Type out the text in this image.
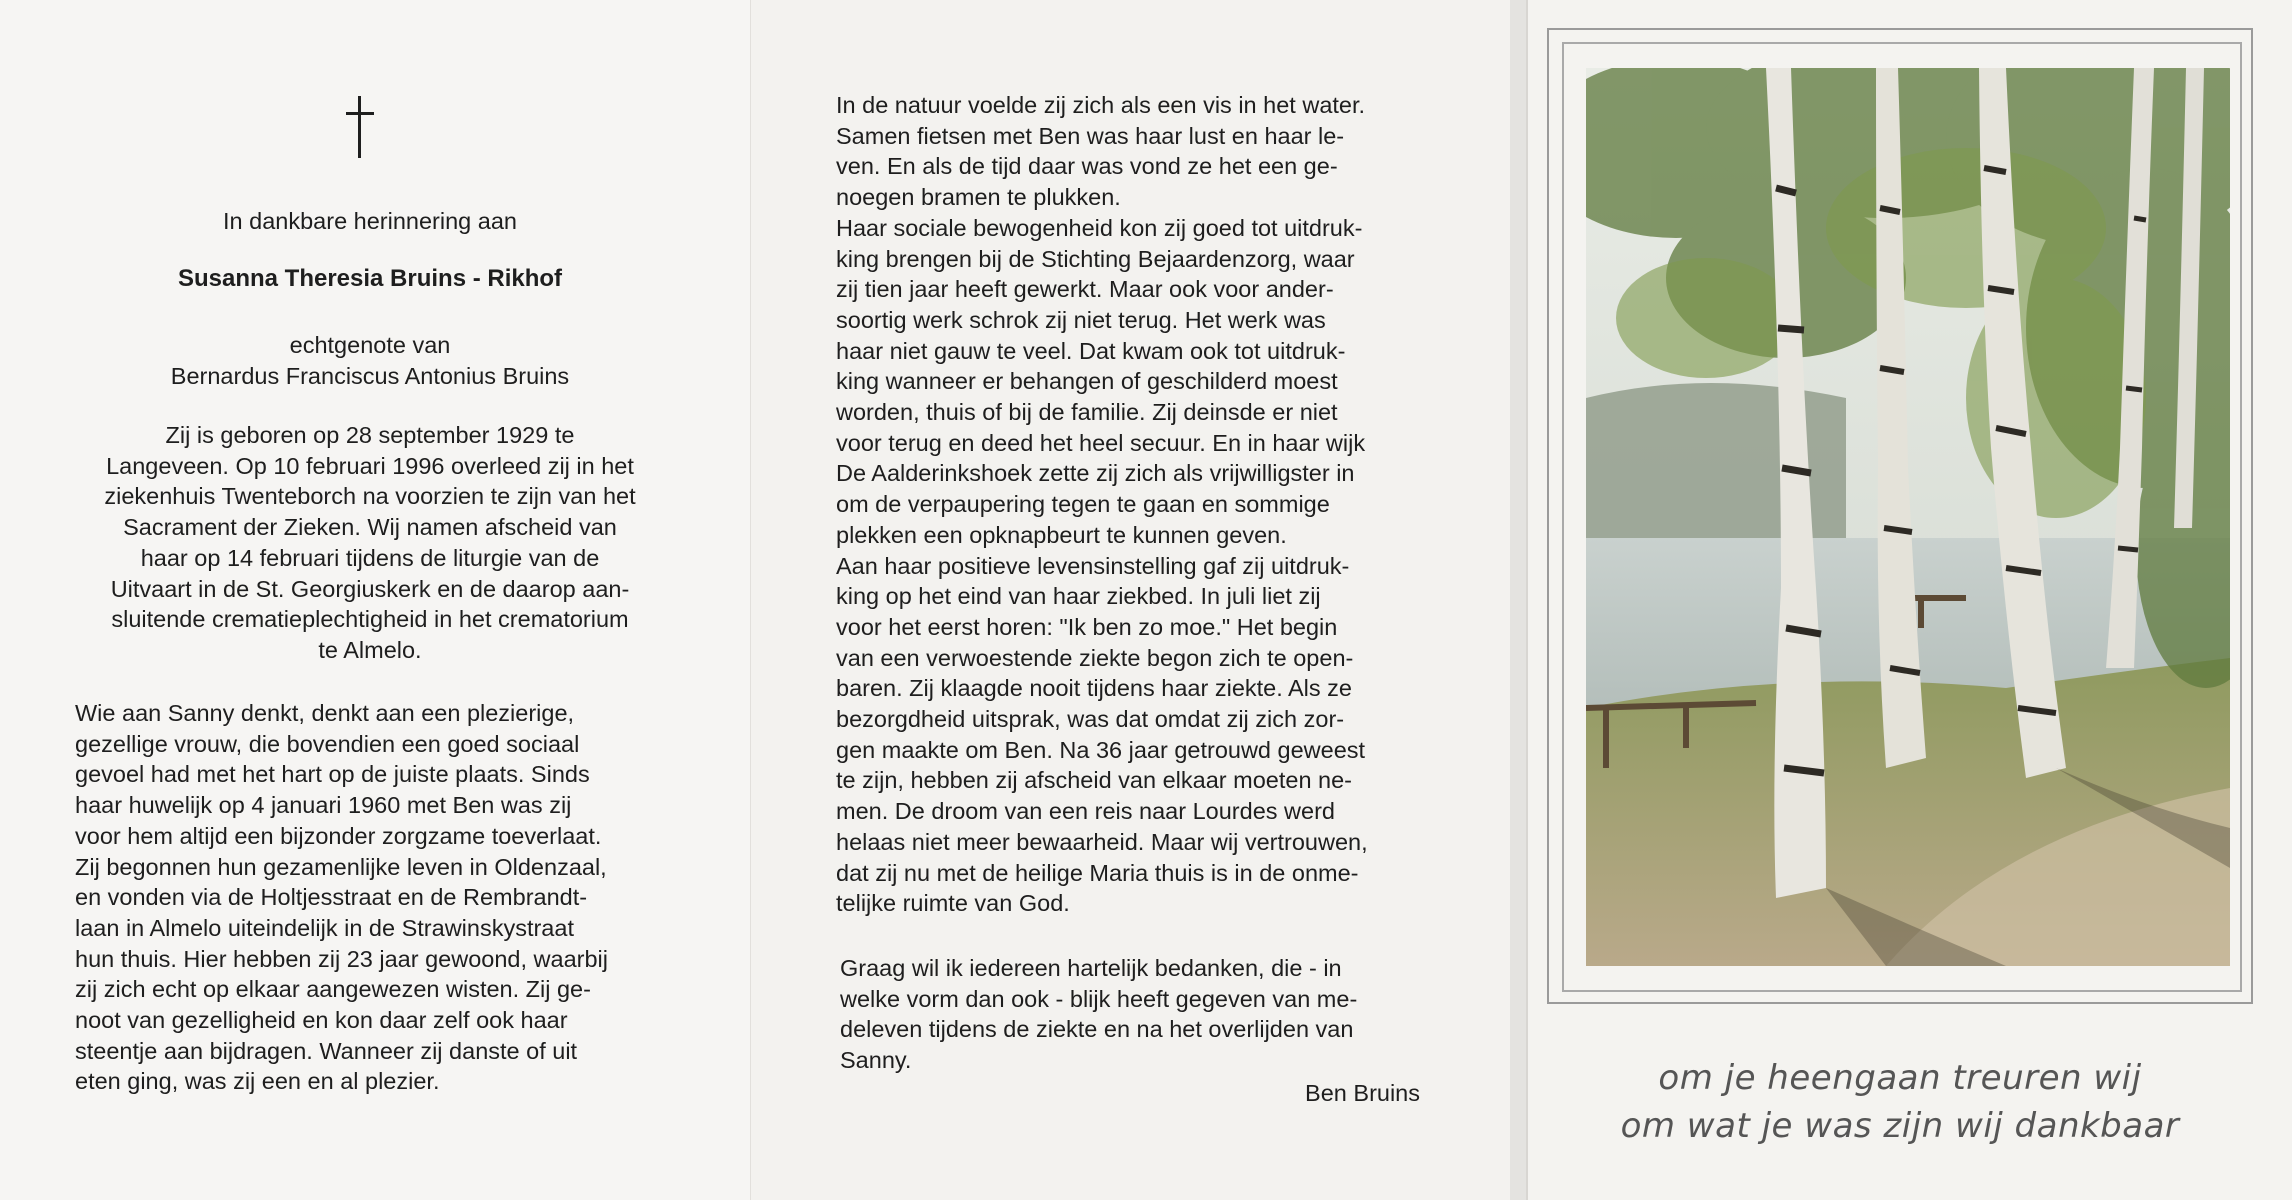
In dankbare herinnering aan
Susanna Theresia Bruins - Rikhof
echtgenote van
Bernardus Franciscus Antonius Bruins
Zij is geboren op 28 september 1929 te
Langeveen. Op 10 februari 1996 overleed zij in het
ziekenhuis Twenteborch na voorzien te zijn van het
Sacrament der Zieken. Wij namen afscheid van
haar op 14 februari tijdens de liturgie van de
Uitvaart in de St. Georgiuskerk en de daarop aan-
sluitende crematieplechtigheid in het crematorium
te Almelo.
Wie aan Sanny denkt, denkt aan een plezierige,
gezellige vrouw, die bovendien een goed sociaal
gevoel had met het hart op de juiste plaats. Sinds
haar huwelijk op 4 januari 1960 met Ben was zij
voor hem altijd een bijzonder zorgzame toeverlaat.
Zij begonnen hun gezamenlijke leven in Oldenzaal,
en vonden via de Holtjesstraat en de Rembrandt-
laan in Almelo uiteindelijk in de Strawinskystraat
hun thuis. Hier hebben zij 23 jaar gewoond, waarbij
zij zich echt op elkaar aangewezen wisten. Zij ge-
noot van gezelligheid en kon daar zelf ook haar
steentje aan bijdragen. Wanneer zij danste of uit
eten ging, was zij een en al plezier.
In de natuur voelde zij zich als een vis in het water.
Samen fietsen met Ben was haar lust en haar le-
ven. En als de tijd daar was vond ze het een ge-
noegen bramen te plukken.
Haar sociale bewogenheid kon zij goed tot uitdruk-
king brengen bij de Stichting Bejaardenzorg, waar
zij tien jaar heeft gewerkt. Maar ook voor ander-
soortig werk schrok zij niet terug. Het werk was
haar niet gauw te veel. Dat kwam ook tot uitdruk-
king wanneer er behangen of geschilderd moest
worden, thuis of bij de familie. Zij deinsde er niet
voor terug en deed het heel secuur. En in haar wijk
De Aalderinkshoek zette zij zich als vrijwilligster in
om de verpaupering tegen te gaan en sommige
plekken een opknapbeurt te kunnen geven.
Aan haar positieve levensinstelling gaf zij uitdruk-
king op het eind van haar ziekbed. In juli liet zij
voor het eerst horen: "Ik ben zo moe." Het begin
van een verwoestende ziekte begon zich te open-
baren. Zij klaagde nooit tijdens haar ziekte. Als ze
bezorgdheid uitsprak, was dat omdat zij zich zor-
gen maakte om Ben. Na 36 jaar getrouwd geweest
te zijn, hebben zij afscheid van elkaar moeten ne-
men. De droom van een reis naar Lourdes werd
helaas niet meer bewaarheid. Maar wij vertrouwen,
dat zij nu met de heilige Maria thuis is in de onme-
telijke ruimte van God.
Graag wil ik iedereen hartelijk bedanken, die - in
welke vorm dan ook - blijk heeft gegeven van me-
deleven tijdens de ziekte en na het overlijden van
Sanny.
Ben Bruins	om je heengaan treuren wij
om wat je was zijn wij dankbaar
